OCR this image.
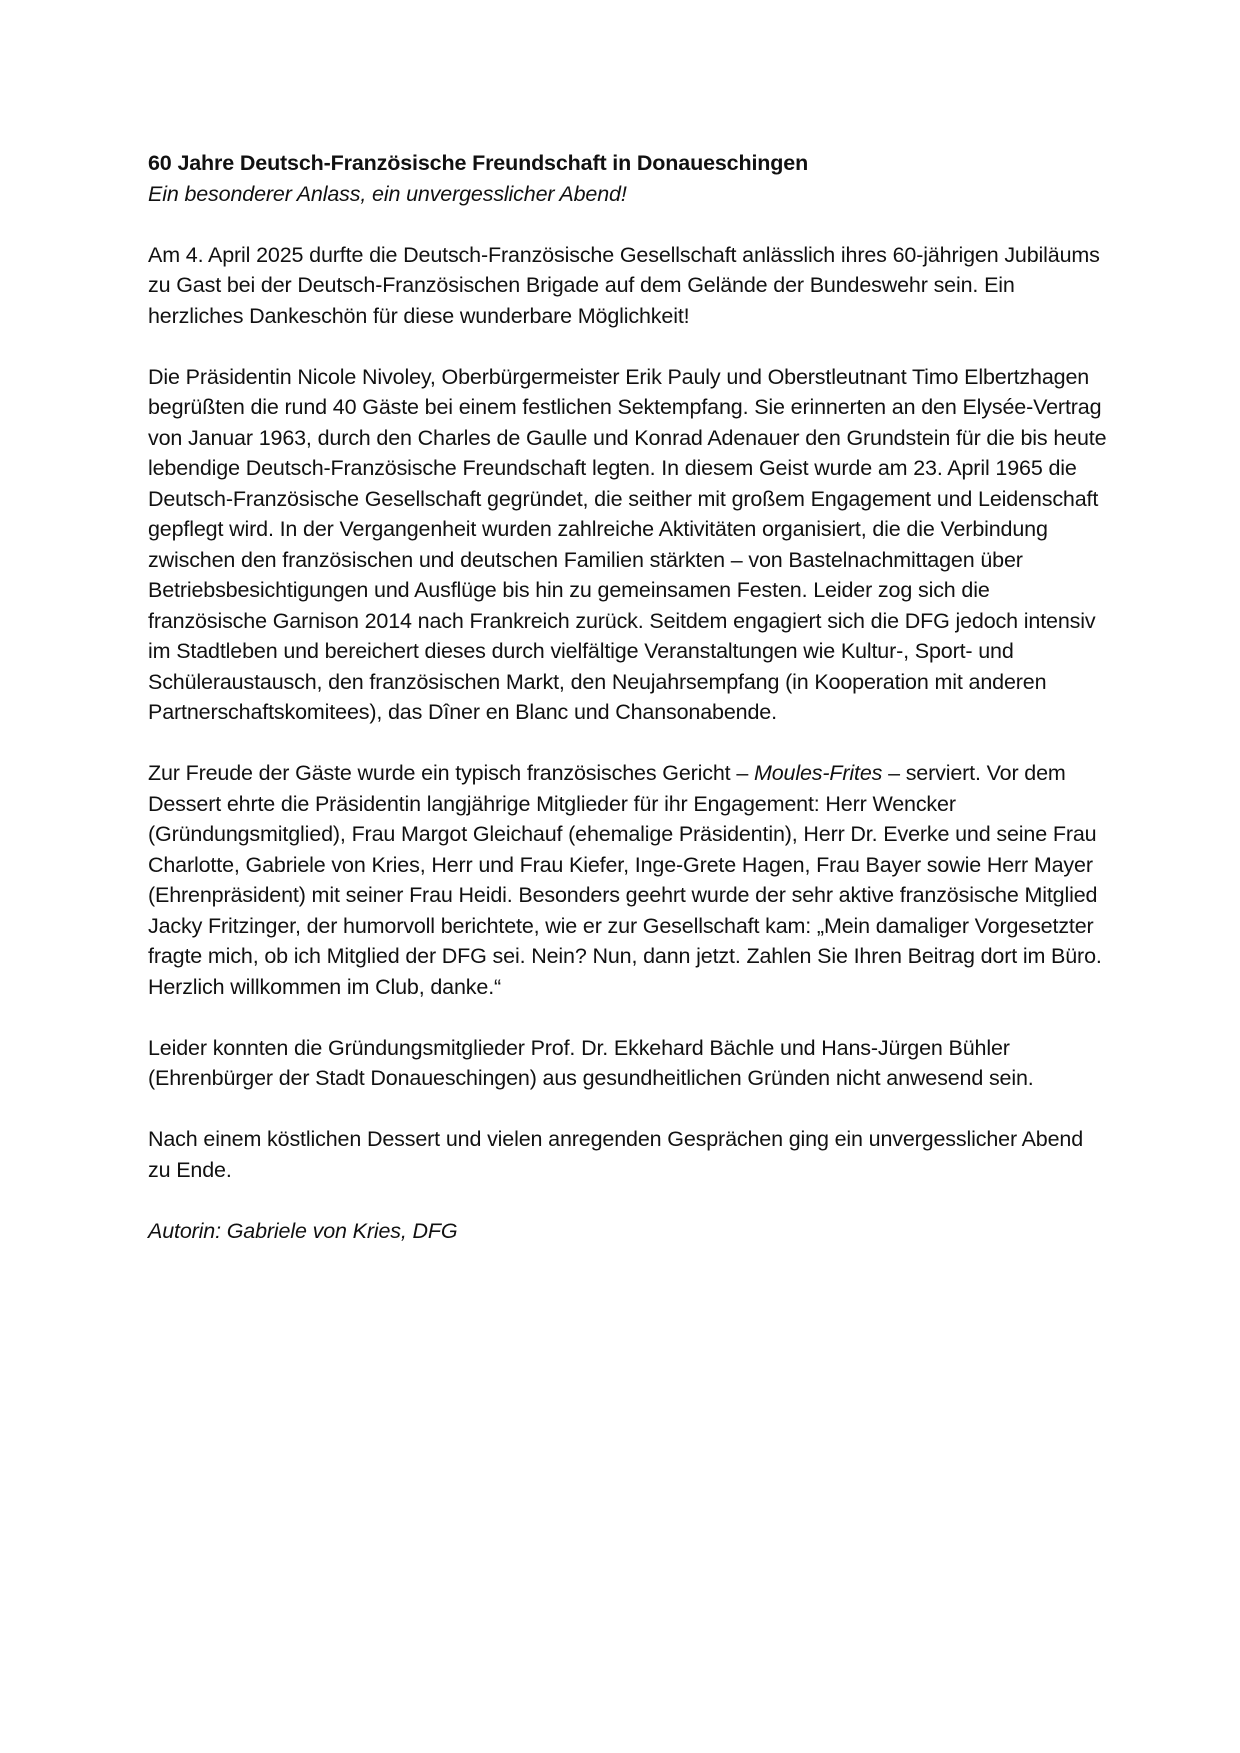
60 Jahre Deutsch-Französische Freundschaft in Donaueschingen

Ein besonderer Anlass, ein unvergesslicher Abend!

Am 4. April 2025 durfte die Deutsch-Französische Gesellschaft anlässlich ihres 60-jährigen Jubiläums zu Gast bei der Deutsch-Französischen Brigade auf dem Gelände der Bundeswehr sein. Ein herzliches Dankeschön für diese wunderbare Möglichkeit!

Die Präsidentin Nicole Nivoley, Oberbürgermeister Erik Pauly und Oberstleutnant Timo Elbertzhagen begrüßten die rund 40 Gäste bei einem festlichen Sektempfang. Sie erinnerten an den Elysée-Vertrag von Januar 1963, durch den Charles de Gaulle und Konrad Adenauer den Grundstein für die bis heute lebendige Deutsch-Französische Freundschaft legten. In diesem Geist wurde am 23. April 1965 die Deutsch-Französische Gesellschaft gegründet, die seither mit großem Engagement und Leidenschaft gepflegt wird. In der Vergangenheit wurden zahlreiche Aktivitäten organisiert, die die Verbindung zwischen den französischen und deutschen Familien stärkten – von Bastelnachmittagen über Betriebsbesichtigungen und Ausflüge bis hin zu gemeinsamen Festen. Leider zog sich die französische Garnison 2014 nach Frankreich zurück. Seitdem engagiert sich die DFG jedoch intensiv im Stadtleben und bereichert dieses durch vielfältige Veranstaltungen wie Kultur-, Sport- und Schüleraustausch, den französischen Markt, den Neujahrsempfang (in Kooperation mit anderen Partnerschaftskomitees), das Dîner en Blanc und Chansonabende.

Zur Freude der Gäste wurde ein typisch französisches Gericht – Moules-Frites – serviert. Vor dem Dessert ehrte die Präsidentin langjährige Mitglieder für ihr Engagement: Herr Wencker (Gründungsmitglied), Frau Margot Gleichauf (ehemalige Präsidentin), Herr Dr. Everke und seine Frau Charlotte, Gabriele von Kries, Herr und Frau Kiefer, Inge-Grete Hagen, Frau Bayer sowie Herr Mayer (Ehrenpräsident) mit seiner Frau Heidi. Besonders geehrt wurde der sehr aktive französische Mitglied Jacky Fritzinger, der humorvoll berichtete, wie er zur Gesellschaft kam: „Mein damaliger Vorgesetzter fragte mich, ob ich Mitglied der DFG sei. Nein? Nun, dann jetzt. Zahlen Sie Ihren Beitrag dort im Büro. Herzlich willkommen im Club, danke.“

Leider konnten die Gründungsmitglieder Prof. Dr. Ekkehard Bächle und Hans-Jürgen Bühler (Ehrenbürger der Stadt Donaueschingen) aus gesundheitlichen Gründen nicht anwesend sein.

Nach einem köstlichen Dessert und vielen anregenden Gesprächen ging ein unvergesslicher Abend zu Ende.

Autorin: Gabriele von Kries, DFG
